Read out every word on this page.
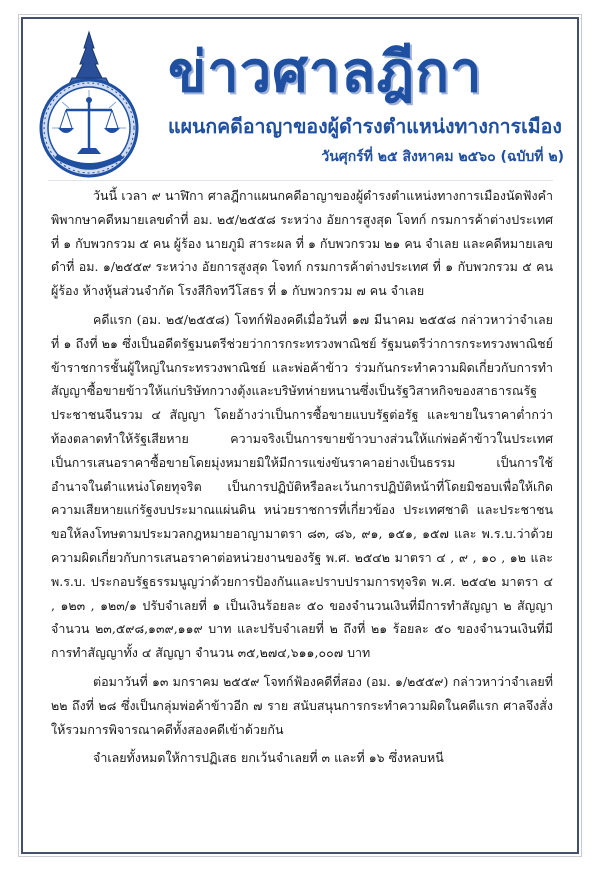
ข่าวศาลฎีกา
แผนกคดีอาญาของผู้ดำรงตำแหน่งทางการเมือง
วันศุกร์ที่ ๒๕ สิงหาคม ๒๕๖๐ (ฉบับที่ ๒)

วันนี้ เวลา ๙ นาฬิกา ศาลฎีกาแผนกคดีอาญาของผู้ดำรงตำแหน่งทางการเมืองนัดฟังคำพิพากษาคดีหมายเลขดำที่ อม. ๒๕/๒๕๕๘ ระหว่าง อัยการสูงสุด โจทก์ กรมการค้าต่างประเทศ ที่ ๑ กับพวกรวม ๕ คน ผู้ร้อง นายภูมิ สาระผล ที่ ๑ กับพวกรวม ๒๑ คน จำเลย และคดีหมายเลขดำที่ อม. ๑/๒๕๕๙ ระหว่าง อัยการสูงสุด โจทก์ กรมการค้าต่างประเทศ ที่ ๑ กับพวกรวม ๕ คน ผู้ร้อง ห้างหุ้นส่วนจำกัด โรงสีกิจทวีโสธร ที่ ๑ กับพวกรวม ๗ คน จำเลย

คดีแรก (อม. ๒๕/๒๕๕๘) โจทก์ฟ้องคดีเมื่อวันที่ ๑๗ มีนาคม ๒๕๕๘ กล่าวหาว่าจำเลยที่ ๑ ถึงที่ ๒๑ ซึ่งเป็นอดีตรัฐมนตรีช่วยว่าการกระทรวงพาณิชย์ รัฐมนตรีว่าการกระทรวงพาณิชย์ ข้าราชการชั้นผู้ใหญ่ในกระทรวงพาณิชย์ และพ่อค้าข้าว ร่วมกันกระทำความผิดเกี่ยวกับการทำสัญญาซื้อขายข้าวให้แก่บริษัทกวางตุ้งและบริษัทห่ายหนานซึ่งเป็นรัฐวิสาหกิจของสาธารณรัฐประชาชนจีนรวม ๔ สัญญา โดยอ้างว่าเป็นการซื้อขายแบบรัฐต่อรัฐ และขายในราคาต่ำกว่าท้องตลาดทำให้รัฐเสียหาย ความจริงเป็นการขายข้าวบางส่วนให้แก่พ่อค้าข้าวในประเทศเป็นการเสนอราคาซื้อขายโดยมุ่งหมายมิให้มีการแข่งขันราคาอย่างเป็นธรรม เป็นการใช้อำนาจในตำแหน่งโดยทุจริต เป็นการปฏิบัติหรือละเว้นการปฏิบัติหน้าที่โดยมิชอบเพื่อให้เกิดความเสียหายแก่รัฐงบประมาณแผ่นดิน หน่วยราชการที่เกี่ยวข้อง ประเทศชาติ และประชาชน ขอให้ลงโทษตามประมวลกฎหมายอาญามาตรา ๘๓, ๘๖, ๙๑, ๑๕๑, ๑๕๗ และ พ.ร.บ.ว่าด้วยความผิดเกี่ยวกับการเสนอราคาต่อหน่วยงานของรัฐ พ.ศ. ๒๕๔๒ มาตรา ๔ , ๙ , ๑๐ , ๑๒ และ พ.ร.บ. ประกอบรัฐธรรมนูญว่าด้วยการป้องกันและปราบปรามการทุจริต พ.ศ. ๒๕๔๒ มาตรา ๔ , ๑๒๓ , ๑๒๓/๑ ปรับจำเลยที่ ๑ เป็นเงินร้อยละ ๕๐ ของจำนวนเงินที่มีการทำสัญญา ๒ สัญญา จำนวน ๒๓,๕๙๘,๑๓๙,๑๑๙ บาท และปรับจำเลยที่ ๒ ถึงที่ ๒๑ ร้อยละ ๕๐ ของจำนวนเงินที่มีการทำสัญญาทั้ง ๔ สัญญา จำนวน ๓๕,๒๗๔,๖๑๑,๐๐๗ บาท

ต่อมาวันที่ ๑๓ มกราคม ๒๕๕๙ โจทก์ฟ้องคดีที่สอง (อม. ๑/๒๕๕๙) กล่าวหาว่าจำเลยที่ ๒๒ ถึงที่ ๒๘ ซึ่งเป็นกลุ่มพ่อค้าข้าวอีก ๗ ราย สนับสนุนการกระทำความผิดในคดีแรก ศาลจึงสั่งให้รวมการพิจารณาคดีทั้งสองคดีเข้าด้วยกัน

จำเลยทั้งหมดให้การปฏิเสธ ยกเว้นจำเลยที่ ๓ และที่ ๑๖ ซึ่งหลบหนี
